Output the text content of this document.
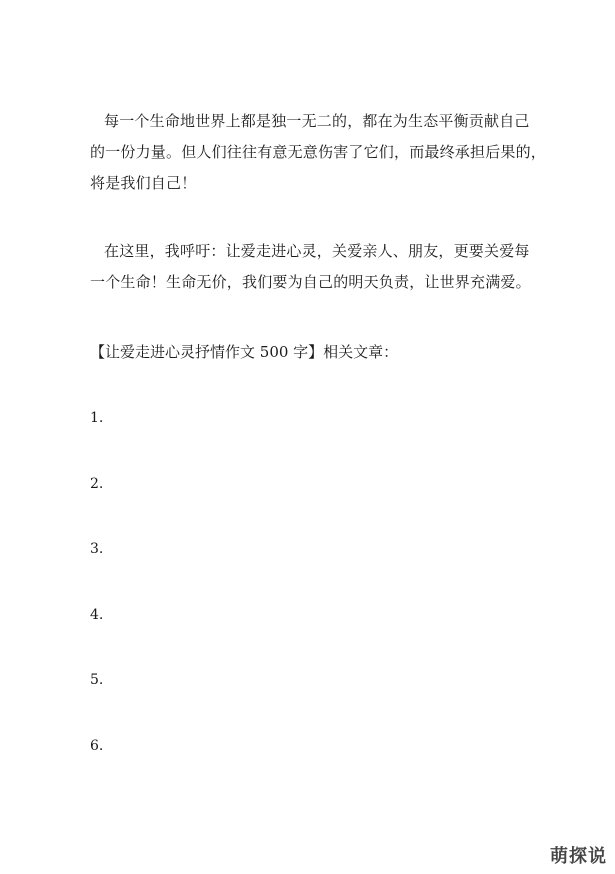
每一个生命地世界上都是独一无二的，都在为生态平衡贡献自己
的一份力量。但人们往往有意无意伤害了它们，而最终承担后果的，
将是我们自己！

在这里，我呼吁：让爱走进心灵，关爱亲人、朋友，更要关爱每
一个生命！生命无价，我们要为自己的明天负责，让世界充满爱。

【让爱走进心灵抒情作文 500 字】相关文章：
1.
2.
3.
4.
5.
6.
萌探说
